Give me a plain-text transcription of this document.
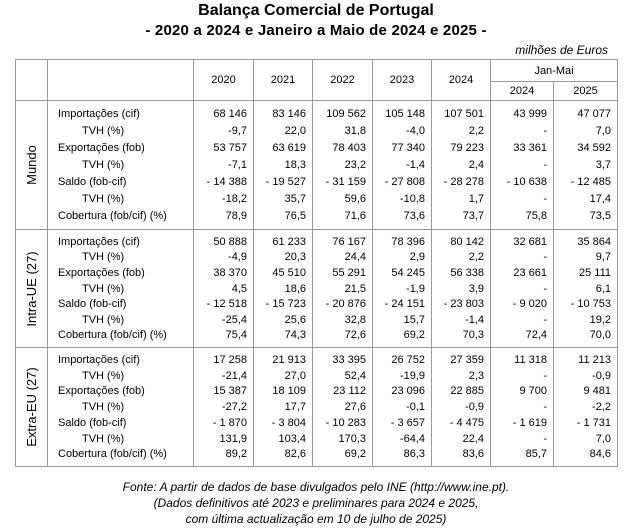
Balança Comercial de Portugal
- 2020 a 2024 e Janeiro a Maio de 2024 e 2025 -
milhões de Euros
		2020	2021	2022	2023	2024	Jan-Mai	
							2024	2025

Mundo	Importações (cif)	68 146	83 146	109 562	105 148	107 501	43 999	47 077
	TVH (%)	-9,7	22,0	31,8	-4,0	2,2	-	7,0
	Exportações (fob)	53 757	63 619	78 403	77 340	79 223	33 361	34 592
	TVH (%)	-7,1	18,3	23,2	-1,4	2,4	-	3,7
	Saldo (fob-cif)	- 14 388	- 19 527	- 31 159	- 27 808	- 28 278	- 10 638	- 12 485
	TVH (%)	-18,2	35,7	59,6	-10,8	1,7	-	17,4
	Cobertura (fob/cif) (%)	78,9	76,5	71,6	73,6	73,7	75,8	73,5

Intra-UE (27)	Importações (cif)	50 888	61 233	76 167	78 396	80 142	32 681	35 864
	TVH (%)	-4,9	20,3	24,4	2,9	2,2	-	9,7
	Exportações (fob)	38 370	45 510	55 291	54 245	56 338	23 661	25 111
	TVH (%)	4,5	18,6	21,5	-1,9	3,9	-	6,1
	Saldo (fob-cif)	- 12 518	- 15 723	- 20 876	- 24 151	- 23 803	- 9 020	- 10 753
	TVH (%)	-25,4	25,6	32,8	15,7	-1,4	-	19,2
	Cobertura (fob/cif) (%)	75,4	74,3	72,6	69,2	70,3	72,4	70,0

Extra-EU (27)	Importações (cif)	17 258	21 913	33 395	26 752	27 359	11 318	11 213
	TVH (%)	-21,4	27,0	52,4	-19,9	2,3	-	-0,9
	Exportações (fob)	15 387	18 109	23 112	23 096	22 885	9 700	9 481
	TVH (%)	-27,2	17,7	27,6	-0,1	-0,9	-	-2,2
	Saldo (fob-cif)	- 1 870	- 3 804	- 10 283	- 3 657	- 4 475	- 1 619	- 1 731
	TVH (%)	131,9	103,4	170,3	-64,4	22,4	-	7,0
	Cobertura (fob/cif) (%)	89,2	82,6	69,2	86,3	83,6	85,7	84,6
Fonte: A partir de dados de base divulgados pelo INE (http://www.ine.pt).
(Dados definitivos até 2023 e preliminares para 2024 e 2025,
com última actualização em 10 de julho de 2025)
